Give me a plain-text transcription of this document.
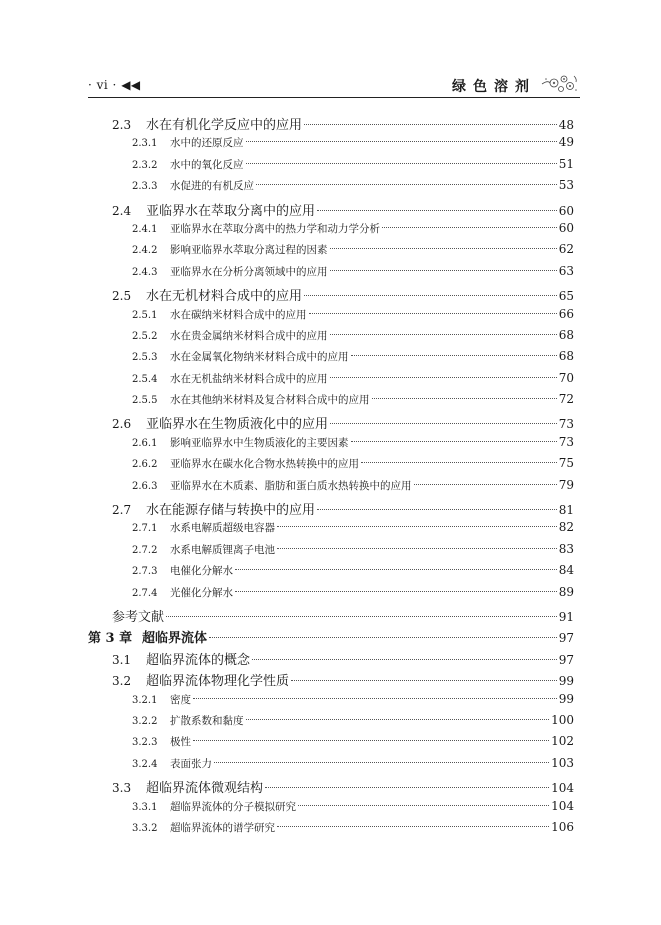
· vi · ◀◀	绿色溶剂
2.3	水在有机化学反应中的应用	48
2.3.1	水中的还原反应	49
2.3.2	水中的氧化反应	51
2.3.3	水促进的有机反应	53
2.4	亚临界水在萃取分离中的应用	60
2.4.1	亚临界水在萃取分离中的热力学和动力学分析	60
2.4.2	影响亚临界水萃取分离过程的因素	62
2.4.3	亚临界水在分析分离领域中的应用	63
2.5	水在无机材料合成中的应用	65
2.5.1	水在碳纳米材料合成中的应用	66
2.5.2	水在贵金属纳米材料合成中的应用	68
2.5.3	水在金属氧化物纳米材料合成中的应用	68
2.5.4	水在无机盐纳米材料合成中的应用	70
2.5.5	水在其他纳米材料及复合材料合成中的应用	72
2.6	亚临界水在生物质液化中的应用	73
2.6.1	影响亚临界水中生物质液化的主要因素	73
2.6.2	亚临界水在碳水化合物水热转换中的应用	75
2.6.3	亚临界水在木质素、脂肪和蛋白质水热转换中的应用	79
2.7	水在能源存储与转换中的应用	81
2.7.1	水系电解质超级电容器	82
2.7.2	水系电解质锂离子电池	83
2.7.3	电催化分解水	84
2.7.4	光催化分解水	89
参考文献	91
第 3 章 超临界流体	97
3.1	超临界流体的概念	97
3.2	超临界流体物理化学性质	99
3.2.1	密度	99
3.2.2	扩散系数和黏度	100
3.2.3	极性	102
3.2.4	表面张力	103
3.3	超临界流体微观结构	104
3.3.1	超临界流体的分子模拟研究	104
3.3.2	超临界流体的谱学研究	106
